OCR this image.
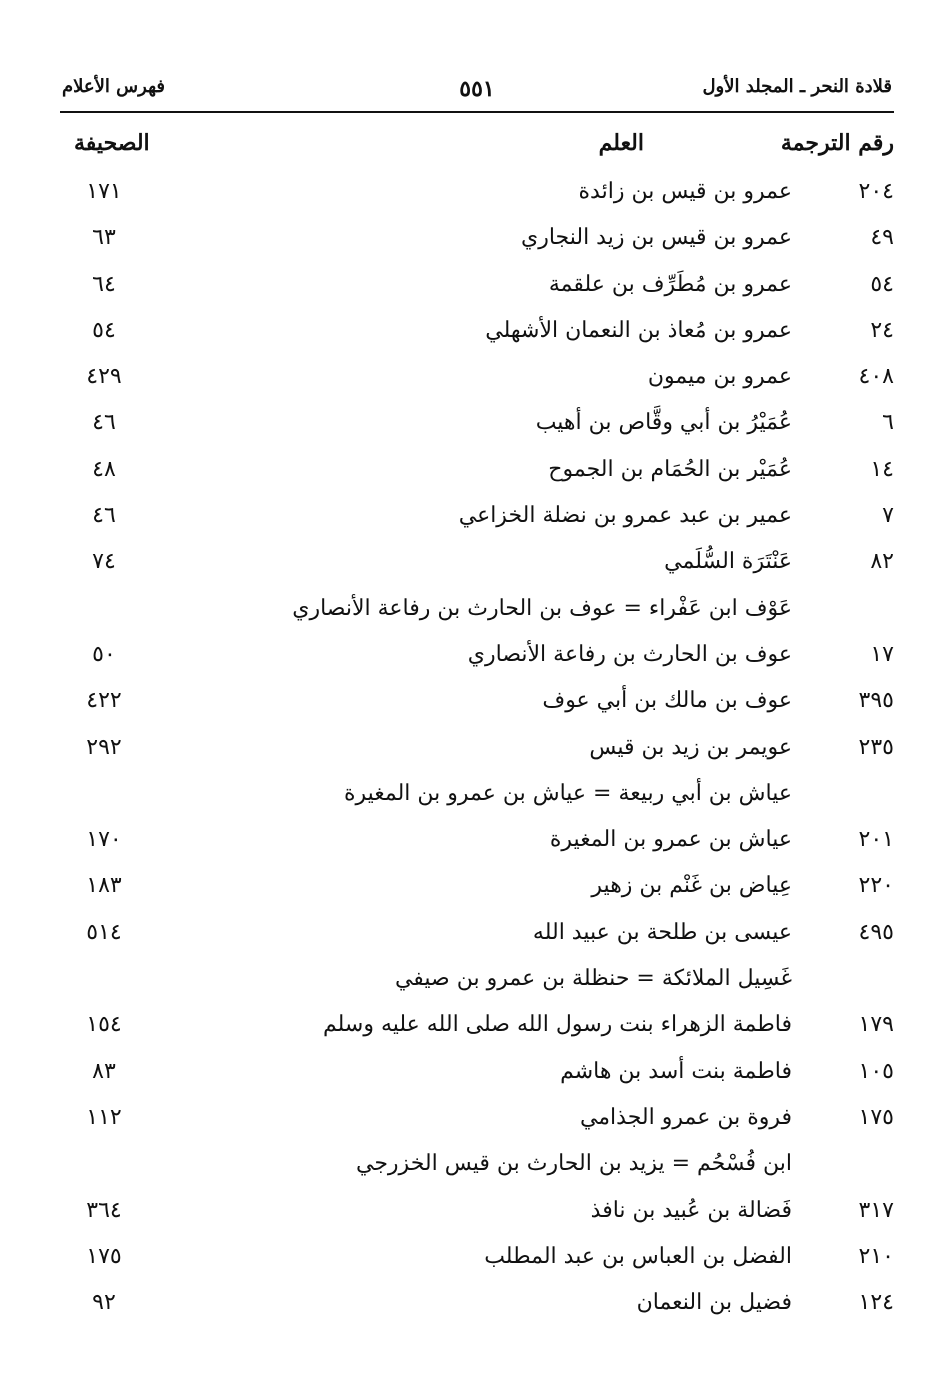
قلادة النحر ـ المجلد الأول
٥٥١
فهرس الأعلام
رقم الترجمة
العلم
الصحيفة
٢٠٤
عمرو بن قيس بن زائدة
١٧١
٤٩
عمرو بن قيس بن زيد النجاري
٦٣
٥٤
عمرو بن مُطَرِّف بن علقمة
٦٤
٢٤
عمرو بن مُعاذ بن النعمان الأشهلي
٥٤
٤٠٨
عمرو بن ميمون
٤٢٩
٦
عُمَيْرُ بن أبي وقَّاص بن أهيب
٤٦
١٤
عُمَيْر بن الحُمَام بن الجموح
٤٨
٧
عمير بن عبد عمرو بن نضلة الخزاعي
٤٦
٨٢
عَنْتَرَة السُّلَمي
٧٤
عَوْف ابن عَفْراء = عوف بن الحارث بن رفاعة الأنصاري
١٧
عوف بن الحارث بن رفاعة الأنصاري
٥٠
٣٩٥
عوف بن مالك بن أبي عوف
٤٢٢
٢٣٥
عويمر بن زيد بن قيس
٢٩٢
عياش بن أبي ربيعة = عياش بن عمرو بن المغيرة
٢٠١
عياش بن عمرو بن المغيرة
١٧٠
٢٢٠
عِياض بن غَنْم بن زهير
١٨٣
٤٩٥
عيسى بن طلحة بن عبيد الله
٥١٤
غَسِيل الملائكة = حنظلة بن عمرو بن صيفي
١٧٩
فاطمة الزهراء بنت رسول الله صلى الله عليه وسلم
١٥٤
١٠٥
فاطمة بنت أسد بن هاشم
٨٣
١٧٥
فروة بن عمرو الجذامي
١١٢
ابن فُسْحُم = يزيد بن الحارث بن قيس الخزرجي
٣١٧
فَضالة بن عُبيد بن نافذ
٣٦٤
٢١٠
الفضل بن العباس بن عبد المطلب
١٧٥
١٢٤
فضيل بن النعمان
٩٢
